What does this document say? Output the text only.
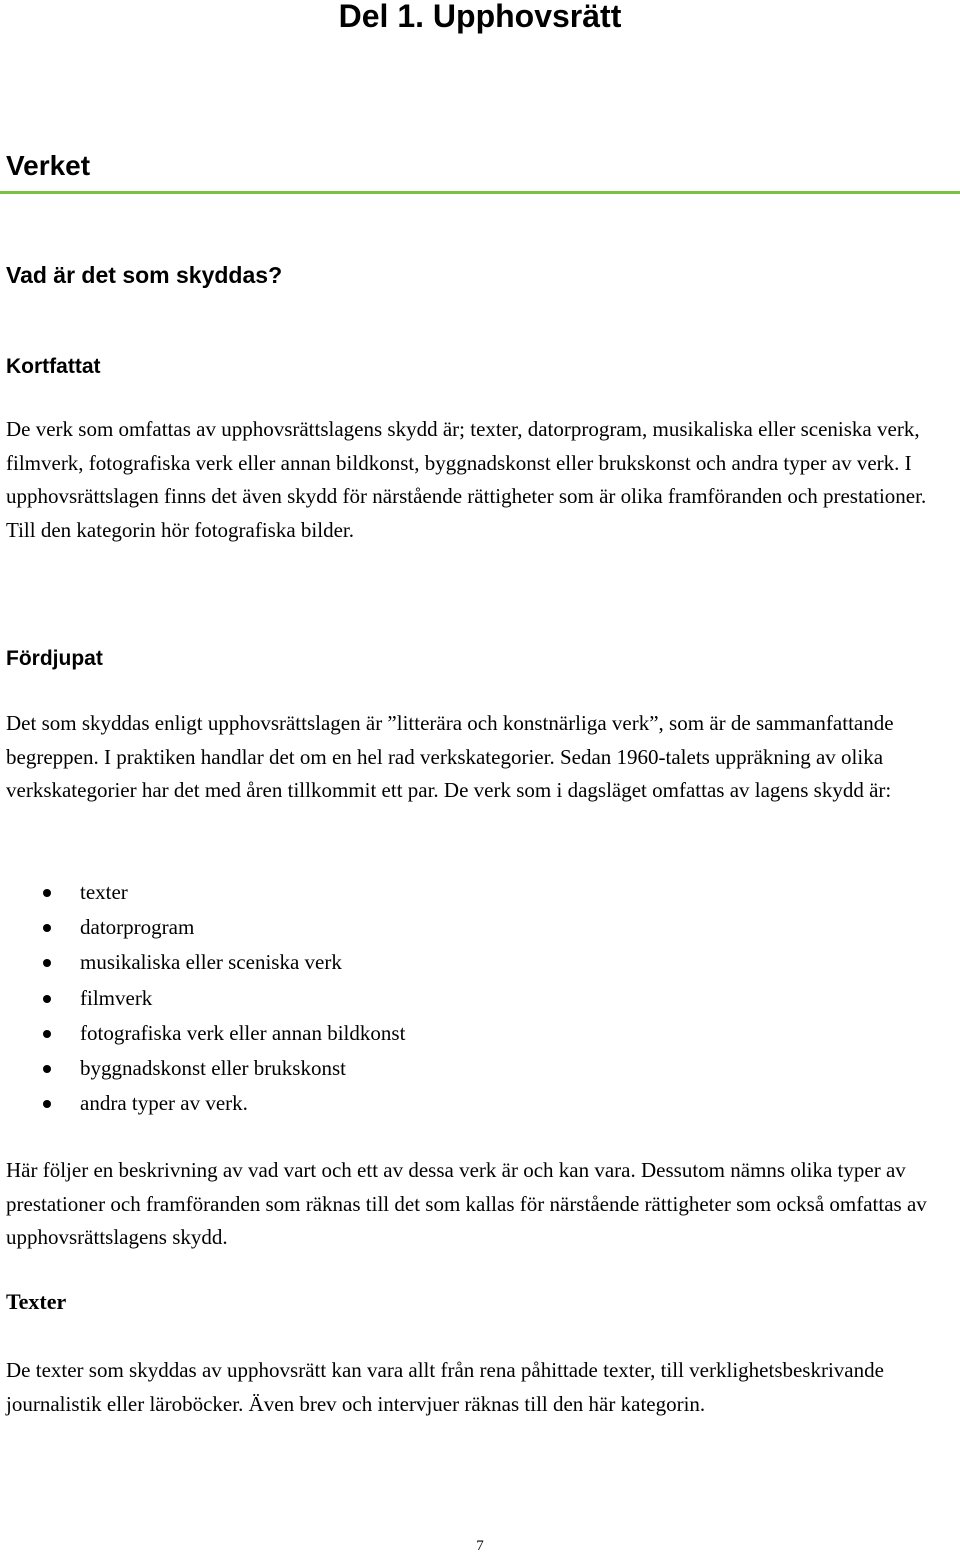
Del 1. Upphovsrätt
Verket
Vad är det som skyddas?
Kortfattat

De verk som omfattas av upphovsrättslagens skydd är; texter, datorprogram, musikaliska eller sceniska verk, filmverk, fotografiska verk eller annan bildkonst, byggnadskonst eller brukskonst och andra typer av verk. I upphovsrättslagen finns det även skydd för närstående rättigheter som är olika framföranden och prestationer. Till den kategorin hör fotografiska bilder.

Fördjupat

Det som skyddas enligt upphovsrättslagen är ”litterära och konstnärliga verk”, som är de sammanfattande begreppen. I praktiken handlar det om en hel rad verkskategorier. Sedan 1960-talets uppräkning av olika verkskategorier har det med åren tillkommit ett par. De verk som i dagsläget omfattas av lagens skydd är:

texter
datorprogram
musikaliska eller sceniska verk
filmverk
fotografiska verk eller annan bildkonst
byggnadskonst eller brukskonst
andra typer av verk.

Här följer en beskrivning av vad vart och ett av dessa verk är och kan vara. Dessutom nämns olika typer av prestationer och framföranden som räknas till det som kallas för närstående rättigheter som också omfattas av upphovsrättslagens skydd.

Texter

De texter som skyddas av upphovsrätt kan vara allt från rena påhittade texter, till verklighetsbeskrivande journalistik eller läroböcker. Även brev och intervjuer räknas till den här kategorin.

7
